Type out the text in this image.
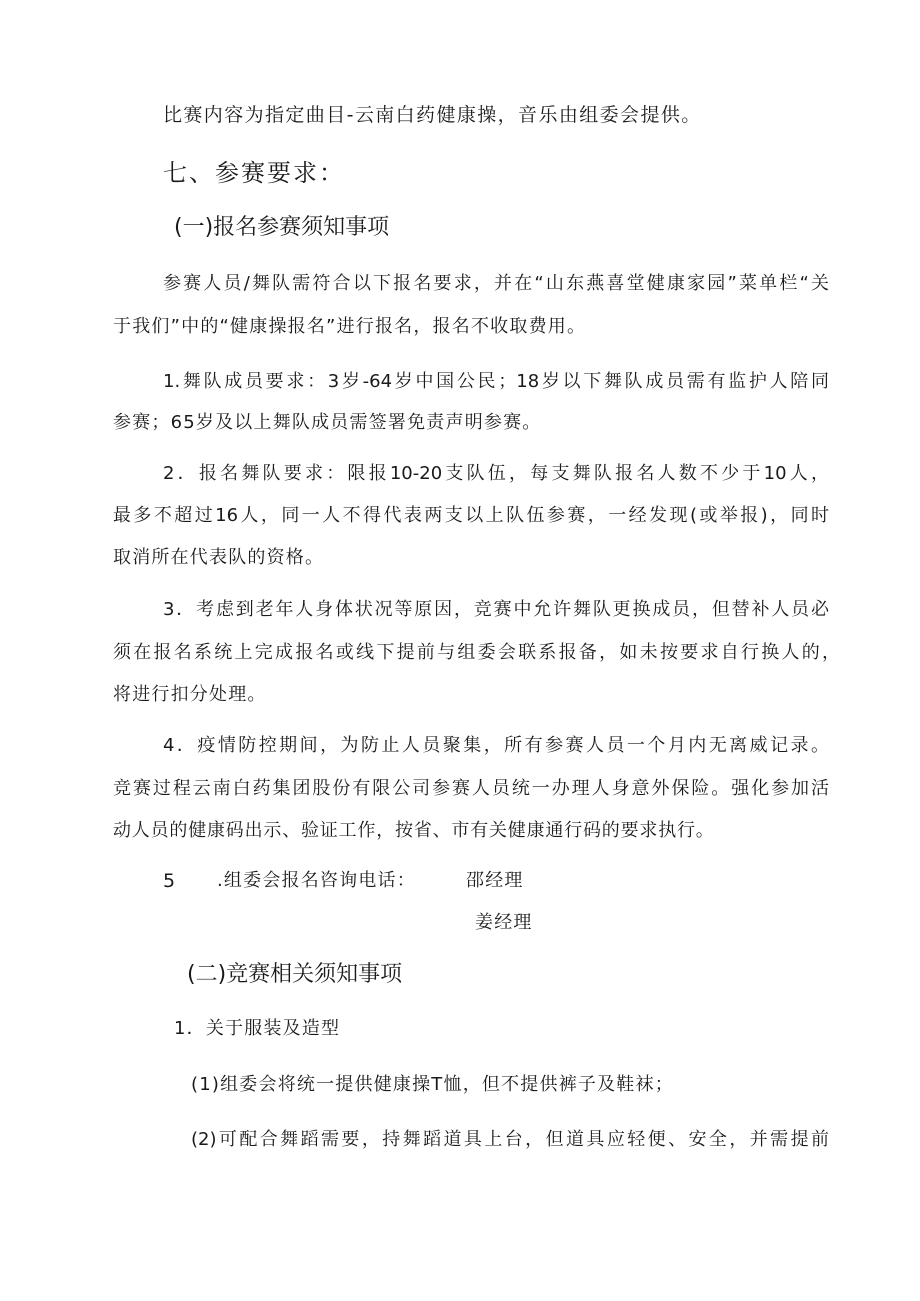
比赛内容为指定曲目-云南白药健康操，音乐由组委会提供。
七、参赛要求：
(一)报名参赛须知事项
参赛人员/舞队需符合以下报名要求，并在“山东燕喜堂健康家园”菜单栏“关
于我们”中的“健康操报名”进行报名，报名不收取费用。
1.舞队成员要求：3岁-64岁中国公民；18岁以下舞队成员需有监护人陪同
参赛；65岁及以上舞队成员需签署免责声明参赛。
2．报名舞队要求：限报10-20支队伍，每支舞队报名人数不少于10人，
最多不超过16人，同一人不得代表两支以上队伍参赛，一经发现(或举报)，同时
取消所在代表队的资格。
3．考虑到老年人身体状况等原因，竞赛中允许舞队更换成员，但替补人员必
须在报名系统上完成报名或线下提前与组委会联系报备，如未按要求自行换人的，
将进行扣分处理。
4．疫情防控期间，为防止人员聚集，所有参赛人员一个月内无离威记录。
竞赛过程云南白药集团股份有限公司参赛人员统一办理人身意外保险。强化参加活
动人员的健康码出示、验证工作，按省、市有关健康通行码的要求执行。
5 .组委会报名咨询电话：	邵经理
姜经理
(二)竞赛相关须知事项
1．关于服装及造型
(1)组委会将统一提供健康操T恤，但不提供裤子及鞋袜；
(2)可配合舞蹈需要，持舞蹈道具上台，但道具应轻便、安全，并需提前
